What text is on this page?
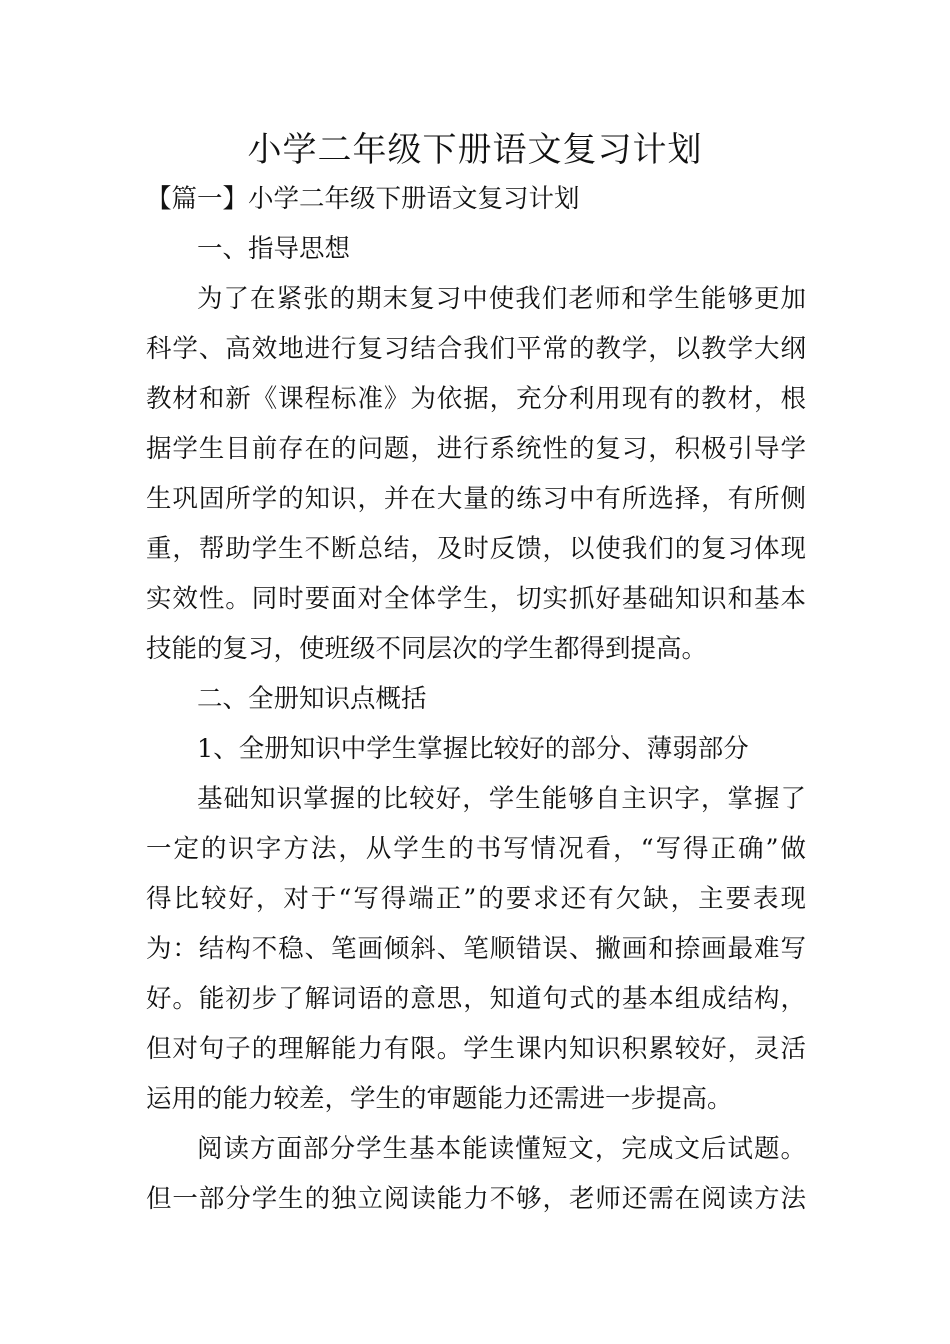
小学二年级下册语文复习计划

【篇一】小学二年级下册语文复习计划

一、指导思想

为了在紧张的期末复习中使我们老师和学生能够更加

科学、高效地进行复习结合我们平常的教学，以教学大纲

教材和新《课程标准》为依据，充分利用现有的教材，根

据学生目前存在的问题，进行系统性的复习，积极引导学

生巩固所学的知识，并在大量的练习中有所选择，有所侧

重，帮助学生不断总结，及时反馈，以使我们的复习体现

实效性。同时要面对全体学生，切实抓好基础知识和基本

技能的复习，使班级不同层次的学生都得到提高。

二、全册知识点概括

1、全册知识中学生掌握比较好的部分、薄弱部分

基础知识掌握的比较好，学生能够自主识字，掌握了

一定的识字方法，从学生的书写情况看，“写得正确”做

得比较好，对于“写得端正”的要求还有欠缺，主要表现

为：结构不稳、笔画倾斜、笔顺错误、撇画和捺画最难写

好。能初步了解词语的意思，知道句式的基本组成结构，

但对句子的理解能力有限。学生课内知识积累较好，灵活

运用的能力较差，学生的审题能力还需进一步提高。

阅读方面部分学生基本能读懂短文，完成文后试题。

但一部分学生的独立阅读能力不够，老师还需在阅读方法
